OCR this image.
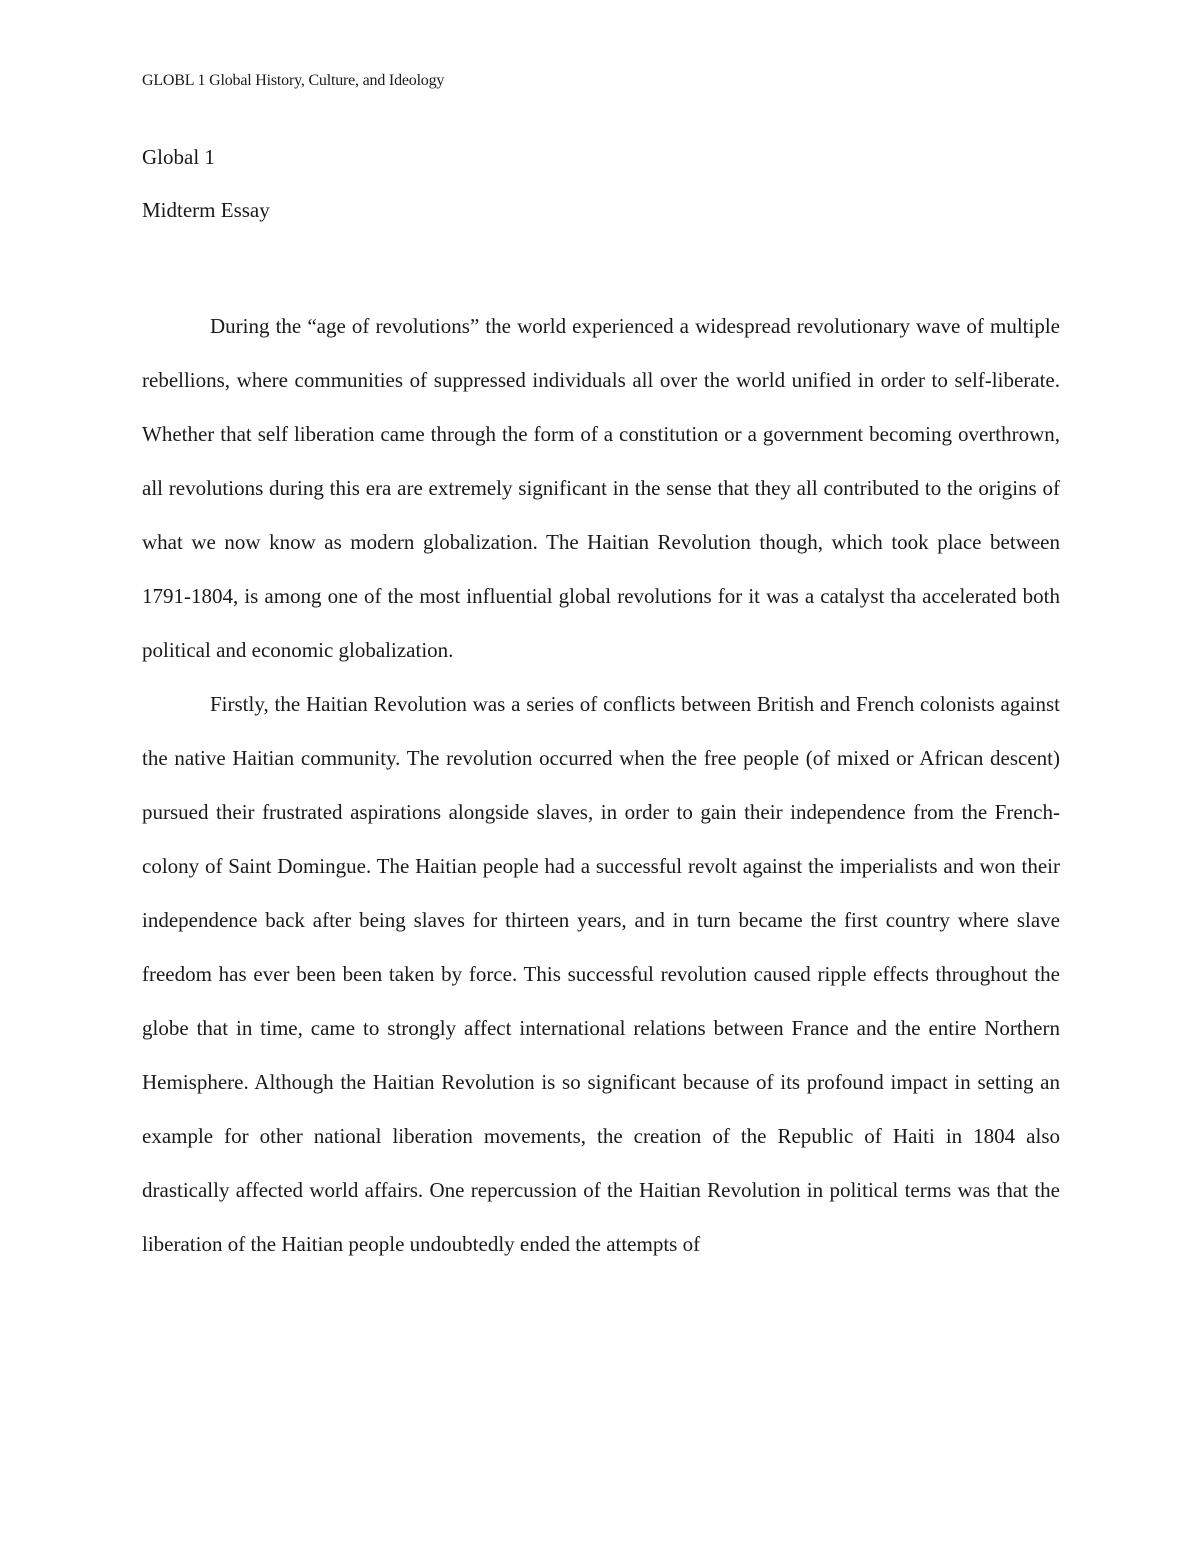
GLOBL 1 Global History, Culture, and Ideology
Global 1
Midterm Essay

During the “age of revolutions” the world experienced a widespread revolutionary wave of multiple rebellions, where communities of suppressed individuals all over the world unified in order to self-liberate. Whether that self liberation came through the form of a constitution or a government becoming overthrown, all revolutions during this era are extremely significant in the sense that they all contributed to the origins of what we now know as modern globalization. The Haitian Revolution though, which took place between 1791-1804, is among one of the most influential global revolutions for it was a catalyst tha accelerated both political and economic globalization.

Firstly, the Haitian Revolution was a series of conflicts between British and French colonists against the native Haitian community. The revolution occurred when the free people (of mixed or African descent) pursued their frustrated aspirations alongside slaves, in order to gain their independence from the French-colony of Saint Domingue. The Haitian people had a successful revolt against the imperialists and won their independence back after being slaves for thirteen years, and in turn became the first country where slave freedom has ever been been taken by force. This successful revolution caused ripple effects throughout the globe that in time, came to strongly affect international relations between France and the entire Northern Hemisphere. Although the Haitian Revolution is so significant because of its profound impact in setting an example for other national liberation movements, the creation of the Republic of Haiti in 1804 also drastically affected world affairs. One repercussion of the Haitian Revolution in political terms was that the liberation of the Haitian people undoubtedly ended the attempts of
